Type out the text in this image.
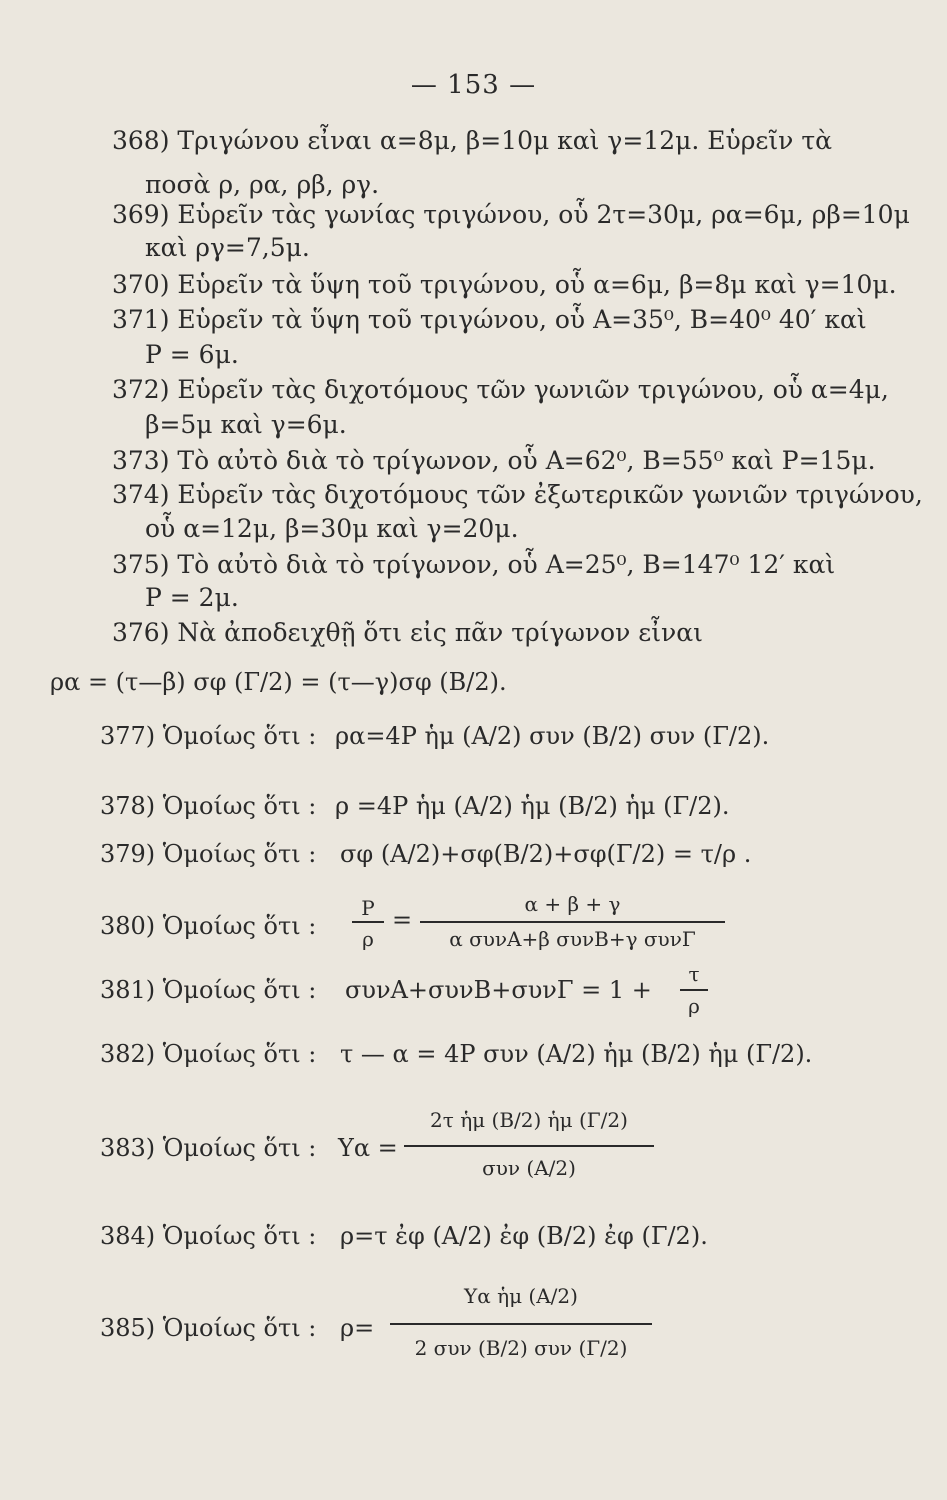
— 153 —
368) Τριγώνου εἶναι α=8μ, β=10μ καὶ γ=12μ. Εὑρεῖν τὰ
ποσὰ ρ, ρα, ρβ, ργ.
369) Εὑρεῖν τὰς γωνίας τριγώνου, οὗ 2τ=30μ, ρα=6μ, ρβ=10μ
καὶ ργ=7,5μ.
370) Εὑρεῖν τὰ ὕψη τοῦ τριγώνου, οὗ α=6μ, β=8μ καὶ γ=10μ.
371) Εὑρεῖν τὰ ὕψη τοῦ τριγώνου, οὗ Α=35⁰, Β=40⁰ 40′ καὶ
Ρ = 6μ.
372) Εὑρεῖν τὰς διχοτόμους τῶν γωνιῶν τριγώνου, οὗ α=4μ,
β=5μ καὶ γ=6μ.
373) Τὸ αὐτὸ διὰ τὸ τρίγωνον, οὗ Α=62⁰, Β=55⁰ καὶ Ρ=15μ.
374) Εὑρεῖν τὰς διχοτόμους τῶν ἐξωτερικῶν γωνιῶν τριγώνου,
οὗ α=12μ, β=30μ καὶ γ=20μ.
375) Τὸ αὐτὸ διὰ τὸ τρίγωνον, οὗ Α=25⁰, Β=147⁰ 12′ καὶ
Ρ = 2μ.
376) Νὰ ἀποδειχθῇ ὅτι εἰς πᾶν τρίγωνον εἶναι
ρα = (τ—β) σφ (Γ/2) = (τ—γ)σφ (Β/2).
377) Ὁμοίως ὅτι : ρα=4Ρ ἡμ (Α/2) συν (Β/2) συν (Γ/2).
378) Ὁμοίως ὅτι : ρ =4Ρ ἡμ (Α/2) ἡμ (Β/2) ἡμ (Γ/2).
379) Ὁμοίως ὅτι : σφ (Α/2)+σφ(Β/2)+σφ(Γ/2) = τ/ρ .
380) Ὁμοίως ὅτι :
Ρ
ρ
=
α + β + γ
α συνΑ+β συνΒ+γ συνΓ
381) Ὁμοίως ὅτι : συνΑ+συνΒ+συνΓ = 1 +
τ
ρ
382) Ὁμοίως ὅτι : τ — α = 4Ρ συν (Α/2) ἡμ (Β/2) ἡμ (Γ/2).
383) Ὁμοίως ὅτι : Υα =
2τ ἡμ (Β/2) ἡμ (Γ/2)
συν (Α/2)
384) Ὁμοίως ὅτι : ρ=τ ἐφ (Α/2) ἐφ (Β/2) ἐφ (Γ/2).
385) Ὁμοίως ὅτι : ρ=
Υα ἡμ (Α/2)
2 συν (Β/2) συν (Γ/2)
